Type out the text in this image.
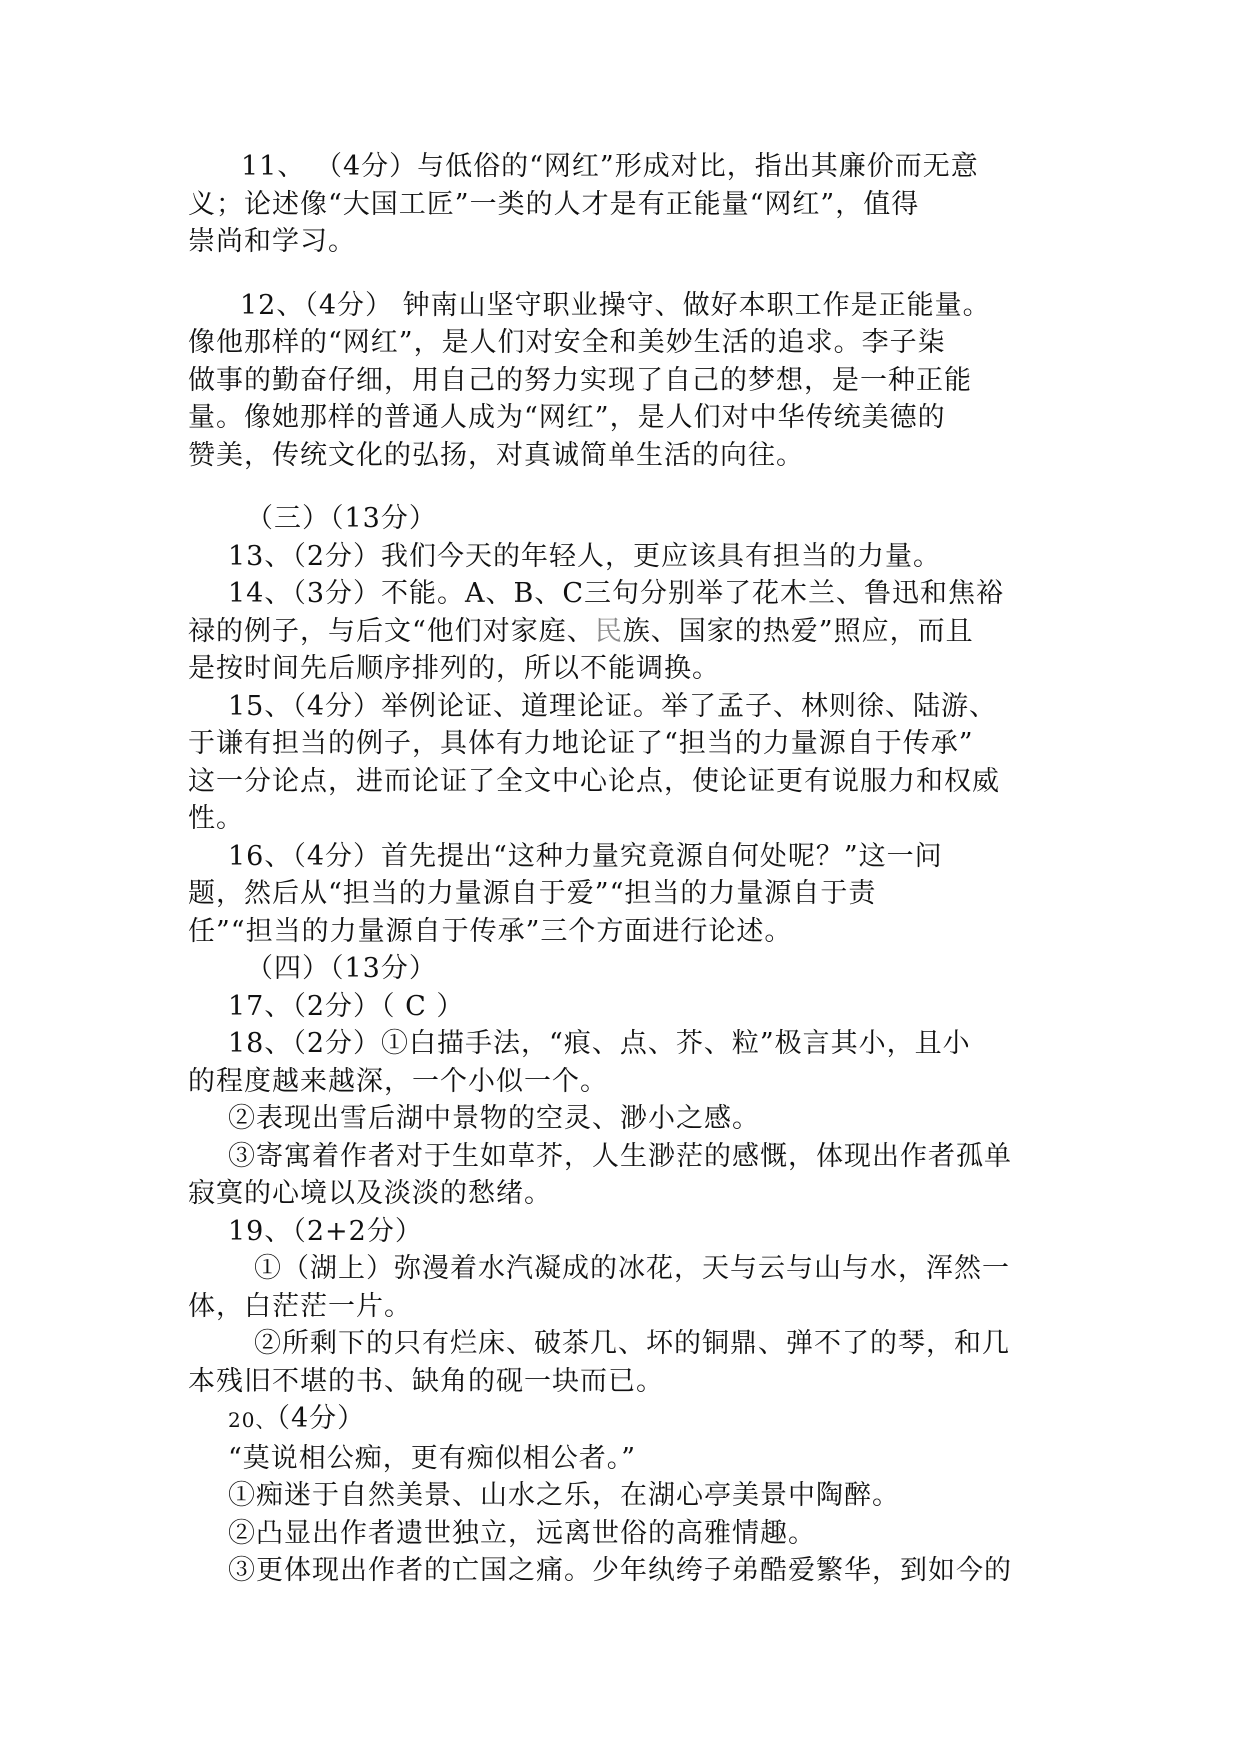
11、 （4分）与低俗的“网红”形成对比，指出其廉价而无意
义；论述像“大国工匠”一类的人才是有正能量“网红”，值得
崇尚和学习。
12、（4分） 钟南山坚守职业操守、做好本职工作是正能量。
像他那样的“网红”，是人们对安全和美妙生活的追求。李子柒
做事的勤奋仔细，用自己的努力实现了自己的梦想，是一种正能
量。像她那样的普通人成为“网红”，是人们对中华传统美德的
赞美，传统文化的弘扬，对真诚简单生活的向往。
（三）（13分）
13、（2分）我们今天的年轻人，更应该具有担当的力量。
14、（3分）不能。A、B、C三句分别举了花木兰、鲁迅和焦裕
禄的例子，与后文“他们对家庭、民族、国家的热爱”照应，而且
是按时间先后顺序排列的，所以不能调换。
15、（4分）举例论证、道理论证。举了孟子、林则徐、陆游、
于谦有担当的例子，具体有力地论证了“担当的力量源自于传承”
这一分论点，进而论证了全文中心论点，使论证更有说服力和权威
性。
16、（4分）首先提出“这种力量究竟源自何处呢？”这一问
题，然后从“担当的力量源自于爱”“担当的力量源自于责
任”“担当的力量源自于传承”三个方面进行论述。
（四）（13分）
17、（2分）（ C ）
18、（2分）①白描手法，“痕、点、芥、粒”极言其小，且小
的程度越来越深，一个小似一个。
②表现出雪后湖中景物的空灵、渺小之感。
③寄寓着作者对于生如草芥，人生渺茫的感慨，体现出作者孤单
寂寞的心境以及淡淡的愁绪。
19、（2+2分）
①（湖上）弥漫着水汽凝成的冰花，天与云与山与水，浑然一
体，白茫茫一片。
②所剩下的只有烂床、破茶几、坏的铜鼎、弹不了的琴，和几
本残旧不堪的书、缺角的砚一块而已。
20、（4分）
“莫说相公痴，更有痴似相公者。”
①痴迷于自然美景、山水之乐，在湖心亭美景中陶醉。
②凸显出作者遗世独立，远离世俗的高雅情趣。
③更体现出作者的亡国之痛。少年纨绔子弟酷爱繁华，到如今的
